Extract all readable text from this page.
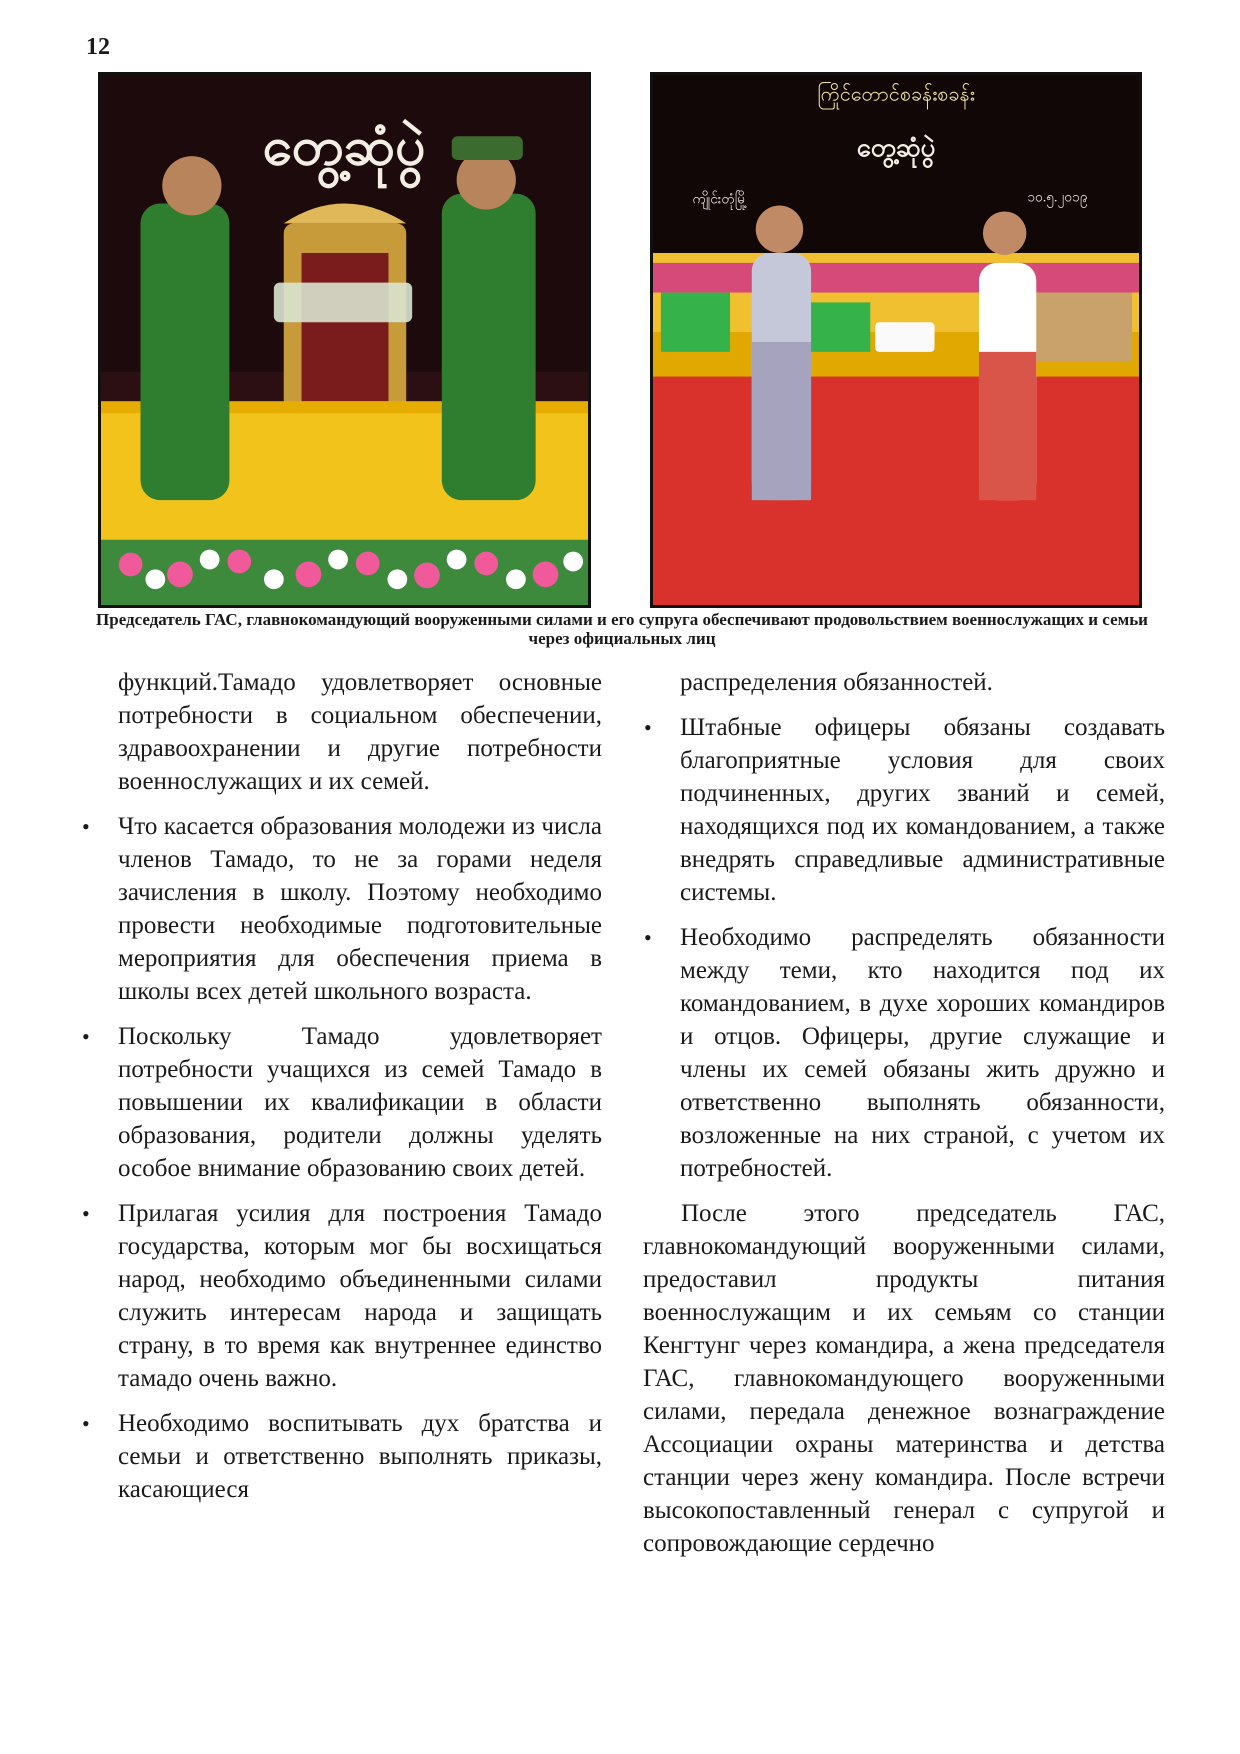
12
တွေ့ဆုံပွဲ
ကြိုင်တောင်စခန်းစခန်း
တွေ့ဆုံပွဲ
ကျိုင်းတုံမြို့	၁၀.၅.၂၀၁၉
Председатель ГАС, главнокомандующий вооруженными силами и его супруга обеспечивают продовольствием военнослужащих и семьи через официальных лиц

функций.Тамадо удовлетворяет основные потребности в социальном обеспечении, здравоохранении и другие потребности военнослужащих и их семей.

• Что касается образования молодежи из числа членов Тамадо, то не за горами неделя зачисления в школу. Поэтому необходимо провести необходимые подготовительные мероприятия для обеспечения приема в школы всех детей школьного возраста.
• Поскольку Тамадо удовлетворяет потребности учащихся из семей Тамадо в повышении их квалификации в области образования, родители должны уделять особое внимание образованию своих детей.
• Прилагая усилия для построения Тамадо государства, которым мог бы восхищаться народ, необходимо объединенными силами служить интересам народа и защищать страну, в то время как внутреннее единство тамадо очень важно.
• Необходимо воспитывать дух братства и семьи и ответственно выполнять приказы, касающиеся

распределения обязанностей.

• Штабные офицеры обязаны создавать благоприятные условия для своих подчиненных, других званий и семей, находящихся под их командованием, а также внедрять справедливые административные системы.
• Необходимо распределять обязанности между теми, кто находится под их командованием, в духе хороших командиров и отцов. Офицеры, другие служащие и члены их семей обязаны жить дружно и ответственно выполнять обязанности, возложенные на них страной, с учетом их потребностей.

После этого председатель ГАС, главнокомандующий вооруженными силами, предоставил продукты питания военнослужащим и их семьям со станции Кенгтунг через командира, а жена председателя ГАС, главнокомандующего вооруженными силами, передала денежное вознаграждение Ассоциации охраны материнства и детства станции через жену командира. После встречи высокопоставленный генерал с супругой и сопровождающие сердечно
